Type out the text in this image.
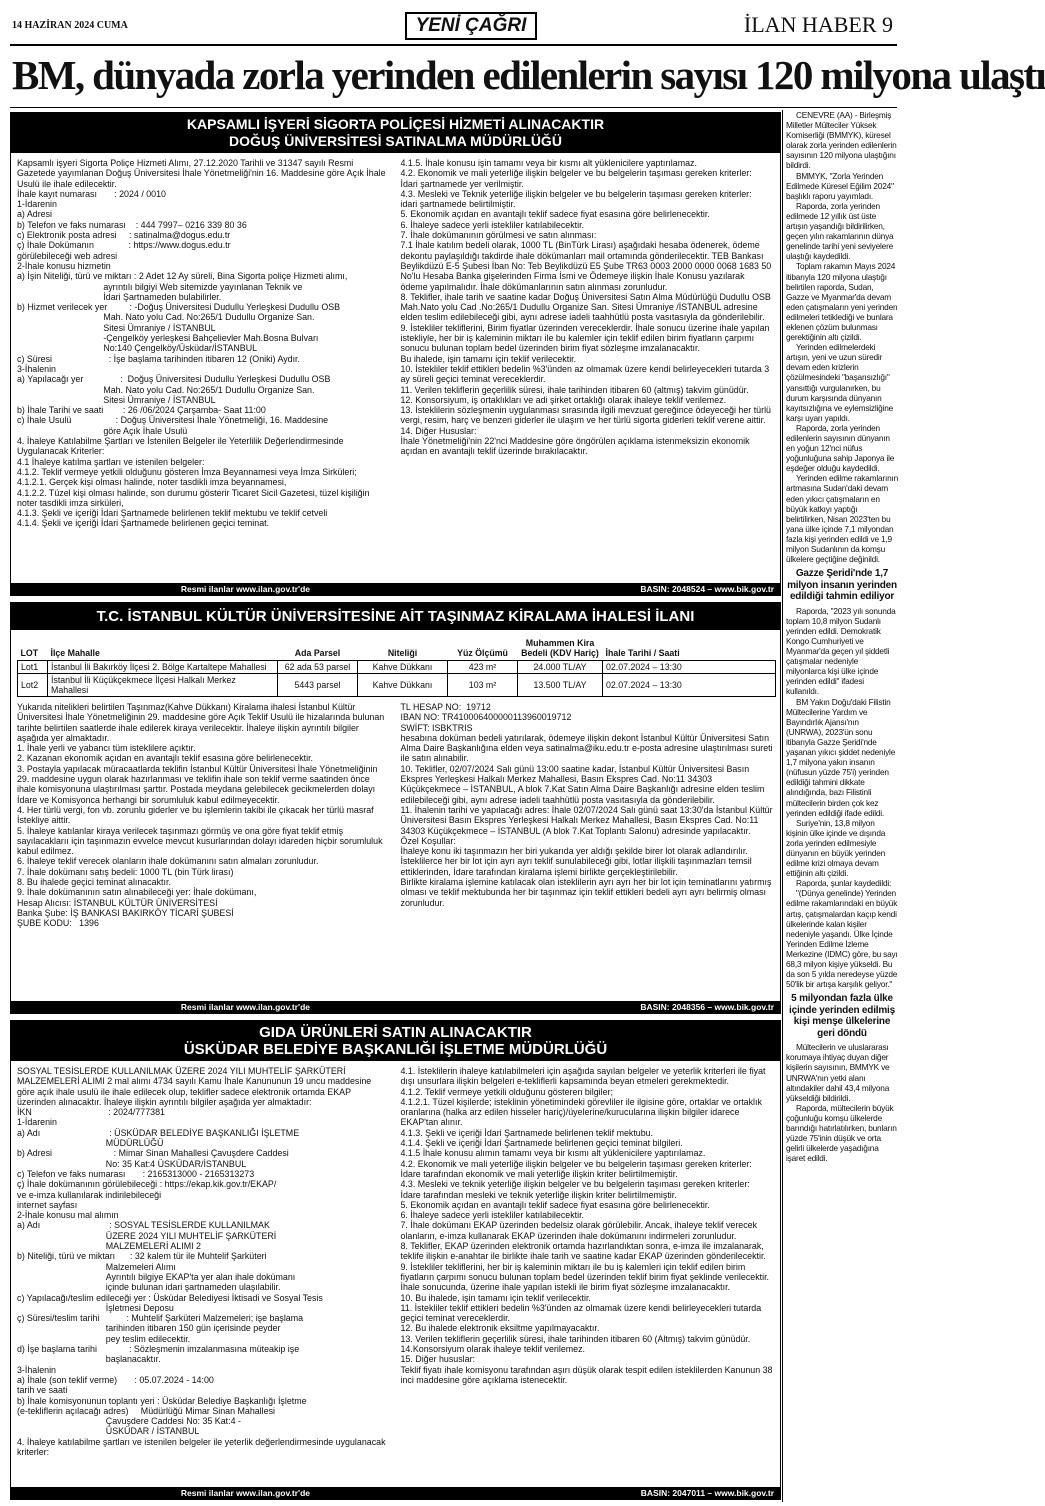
14 HAZİRAN 2024 CUMA	YENİ ÇAĞRI	İLAN HABER 9
BM, dünyada zorla yerinden edilenlerin sayısı 120 milyona ulaştı
KAPSAMLI İŞYERİ SİGORTA POLİÇESİ HİZMETİ ALINACAKTIR
DOĞUŞ ÜNİVERSİTESİ SATINALMA MÜDÜRLÜĞÜ
Kapsamlı işyeri Sigorta Poliçe Hizmeti Alımı, 27.12.2020 Tarihli ve 31347 sayılı Resmi Gazetede yayımlanan Doğuş Üniversitesi İhale Yönetmeliği'nin 16. Maddesine göre Açık İhale Usulü ile ihale edilecektir.
İhale kayıt numarası       : 2024 / 0010
1-İdarenin
a) Adresi
b) Telefon ve faks numarası    : 444 7997– 0216 339 80 36
c) Elektronik posta adresi     : satinalma@dogus.edu.tr
ç) İhale Dokümanın              : https://www.dogus.edu.tr
görülebileceği web adresi
2-İhale konusu hizmetin
a) İşin Niteliği, türü ve miktarı : 2 Adet 12 Ay süreli, Bina Sigorta poliçe Hizmeti alımı,
ayrıntılı bilgiyi Web sitemizde yayınlanan Teknik ve
İdari Şartnameden bulabilirler.
b) Hizmet verilecek yer         : -Doğuş Üniversitesi Dudullu Yerleşkesi Dudullu OSB
Mah. Nato yolu Cad. No:265/1 Dudullu Organize San.
Sitesi Ümraniye / İSTANBUL
-Çengelköy yerleşkesi Bahçelievler Mah.Bosna Bulvarı
No:140 Çengelköy/Üsküdar/İSTANBUL
c) Süresi                       : İşe başlama tarihinden itibaren 12 (Oniki) Aydır.
3-İhalenin
a) Yapılacağı yer               :  Doğuş Üniversitesi Dudullu Yerleşkesi Dudullu OSB
Mah. Nato yolu Cad. No:265/1 Dudullu Organize San.
Sitesi Ümraniye / İSTANBUL
b) İhale Tarihi ve saati        : 26 /06/2024 Çarşamba- Saat 11:00
c) İhale Usulü                  : Doğuş Üniversitesi İhale Yönetmeliği, 16. Maddesine
göre Açık İhale Usulü
4. İhaleye Katılabilme Şartları ve İstenilen Belgeler ile Yeterlilik Değerlendirmesinde Uygulanacak Kriterler:
4.1 İhaleye katılma şartları ve istenilen belgeler:
4.1.2. Teklif vermeye yetkili olduğunu gösteren İmza Beyannamesi veya İmza Sirküleri;
4.1.2.1. Gerçek kişi olması halinde, noter tasdikli imza beyannamesi,
4.1.2.2. Tüzel kişi olması halinde, son durumu gösterir Ticaret Sicil Gazetesi, tüzel kişiliğin noter tasdikli imza sirküleri,
4.1.3. Şekli ve içeriği İdari Şartnamede belirlenen teklif mektubu ve teklif cetveli
4.1.4. Şekli ve içeriği İdari Şartnamede belirlenen geçici teminat.
4.1.5. İhale konusu işin tamamı veya bir kısmı alt yüklenicilere yaptırılamaz.
4.2. Ekonomik ve mali yeterliğe ilişkin belgeler ve bu belgelerin taşıması gereken kriterler:
İdari şartnamede yer verilmiştir.
4.3. Mesleki ve Teknik yeterliğe ilişkin belgeler ve bu belgelerin taşıması gereken kriterler:
idari şartnamede belirtilmiştir.
5. Ekonomik açıdan en avantajlı teklif sadece fiyat esasına göre belirlenecektir.
6. İhaleye sadece yerli istekliler katılabilecektir.
7. İhale dokümanının görülmesi ve satın alınması:
7.1 İhale katılım bedeli olarak, 1000 TL (BinTürk Lirası) aşağıdaki hesaba ödenerek, ödeme dekontu paylaşıldığı takdirde ihale dökümanları mail ortamında gönderilecektir. TEB Bankası Beylikdüzü E-5 Şubesi İban No: Teb Beylikdüzü E5 Şube TR63 0003 2000 0000 0068 1683 50 No'lu Hesaba Banka gişelerinden Firma İsmi ve Ödemeye ilişkin İhale Konusu yazılarak ödeme yapılmalıdır. İhale dökümanlarının satın alınması zorunludur.
8. Teklifler, ihale tarih ve saatine kadar Doğuş Üniversitesi Satın Alma Müdürlüğü Dudullu OSB Mah.Nato yolu Cad .No:265/1 Dudullu Organize San. Sitesi Ümraniye /İSTANBUL adresine elden teslim edilebileceği gibi, aynı adrese iadeli taahhütlü posta vasıtasıyla da gönderilebilir.
9. İstekliler tekliflerini, Birim fiyatlar üzerinden vereceklerdir. İhale sonucu üzerine ihale yapılan istekliyle, her bir iş kaleminin miktarı ile bu kalemler için teklif edilen birim fiyatların çarpımı sonucu bulunan toplam bedel üzerinden birim fiyat sözleşme imzalanacaktır.
Bu ihalede, işin tamamı için teklif verilecektir.
10. İstekliler teklif ettikleri bedelin %3'ünden az olmamak üzere kendi belirleyecekleri tutarda 3 ay süreli geçici teminat vereceklerdir.
11. Verilen tekliflerin geçerlilik süresi, ihale tarihinden itibaren 60 (altmış) takvim günüdür.
12. Konsorsiyum, iş ortaklıkları ve adi şirket ortaklığı olarak ihaleye teklif verilemez.
13. İsteklilerin sözleşmenin uygulanması sırasında ilgili mevzuat gereğince ödeyeceği her türlü vergi, resim, harç ve benzeri giderler ile ulaşım ve her türlü sigorta giderleri teklif verene aittir.
14. Diğer Hususlar:
İhale Yönetmeliği'nin 22'nci Maddesine göre öngörülen açıklama istenmeksizin ekonomik açıdan en avantajlı teklif üzerinde bırakılacaktır.
Resmi ilanlar www.ilan.gov.tr'de	BASIN: 2048524 – www.bik.gov.tr
T.C. İSTANBUL KÜLTÜR ÜNİVERSİTESİNE AİT TAŞINMAZ KİRALAMA İHALESİ İLANI
LOT	İlçe Mahalle	Ada Parsel	Niteliği	Yüz Ölçümü	Muhammen Kira Bedeli (KDV Hariç)	İhale Tarihi / Saati
Lot1	İstanbul İli Bakırköy İlçesi 2. Bölge Kartaltepe Mahallesi	62 ada 53 parsel	Kahve Dükkanı	423 m²	24.000 TL/AY	02.07.2024 – 13:30
Lot2	İstanbul İli Küçükçekmece İlçesi Halkalı Merkez Mahallesi	5443 parsel	Kahve Dükkanı	103 m²	13.500 TL/AY	02.07.2024 – 13:30
Yukarıda nitelikleri belirtilen Taşınmaz(Kahve Dükkanı) Kiralama ihalesi İstanbul Kültür Üniversitesi İhale Yönetmeliğinin 29. maddesine göre Açık Teklif Usulü ile hizalarında bulunan tarihte belirtilen saatlerde ihale edilerek kiraya verilecektir. İhaleye ilişkin ayrıntılı bilgiler aşağıda yer almaktadır.
1. İhale yerli ve yabancı tüm isteklilere açıktır.
2. Kazanan ekonomik açıdan en avantajlı teklif esasına göre belirlenecektir.
3. Postayla yapılacak müracaatlarda teklifin İstanbul Kültür Üniversitesi İhale Yönetmeliğinin 29. maddesine uygun olarak hazırlanması ve teklifin ihale son teklif verme saatinden önce ihale komisyonuna ulaştırılması şarttır. Postada meydana gelebilecek gecikmelerden dolayı İdare ve Komisyonca herhangi bir sorumluluk kabul edilmeyecektir.
4. Her türlü vergi, fon vb. zorunlu giderler ve bu işlemlerin takibi ile çıkacak her türlü masraf İstekliye aittir.
5. İhaleye katılanlar kiraya verilecek taşınmazı görmüş ve ona göre fiyat teklif etmiş sayılacaklarıı için taşınmazın evvelce mevcut kusurlarından dolayı idareden hiçbir sorumluluk kabul edilmez.
6. İhaleye teklif verecek olanların ihale dokümanını satın almaları zorunludur.
7. İhale dokümanı satış bedeli: 1000 TL (bin Türk lirası)
8. Bu ihalede geçici teminat alınacaktır.
9. İhale dokümanının satın alınabileceği yer: İhale dokümanı,
Hesap Alıcısı: İSTANBUL KÜLTÜR ÜNİVERSİTESİ
Banka Şube: İŞ BANKASI BAKIRKÖY TİCARİ ŞUBESİ
ŞUBE KODU:   1396
TL HESAP NO:  19712
IBAN NO: TR410006400000113960019712
SWİFT: ISBKTRIS
hesabına doküman bedeli yatırılarak, ödemeye ilişkin dekont İstanbul Kültür Üniversitesi Satın Alma Daire Başkanlığına elden veya satinalma@iku.edu.tr e-posta adresine ulaştırılması sureti ile satın alınabilir.
10. Teklifler, 02/07/2024 Salı günü 13:00 saatine kadar, İstanbul Kültür Üniversitesi Basın Ekspres Yerleşkesi Halkalı Merkez Mahallesi, Basın Ekspres Cad. No:11 34303 Küçükçekmece – İSTANBUL, A blok 7.Kat Satın Alma Daire Başkanlığı adresine elden teslim edilebileceği gibi, aynı adrese iadeli taahhütlü posta vasıtasıyla da gönderilebilir.
11. İhalenin tarihi ve yapılacağı adres: İhale 02/07/2024 Salı günü saat 13:30'da İstanbul Kültür Üniversitesi Basın Ekspres Yerleşkesi Halkalı Merkez Mahallesi, Basın Ekspres Cad. No:11 34303 Küçükçekmece – İSTANBUL (A blok 7.Kat Toplantı Salonu) adresinde yapılacaktır.
Özel Koşullar:
İhaleye konu iki taşınmazın her biri yukarıda yer aldığı şekilde birer lot olarak adlandırılır. İsteklilerce her bir lot için ayrı ayrı teklif sunulabileceği gibi, lotlar ilişkili taşınmazları temsil ettiklerinden, İdare tarafından kiralama işlemi birlikte gerçekleştirilebilir.
Birlikte kiralama işlemine katılacak olan isteklilerin ayrı ayrı her bir lot için teminatlarını yatırmış olması ve teklif mektubunda her bir taşınmaz için teklif ettikleri bedeli ayrı ayrı belirmiş olması zorunludur.
Resmi ilanlar www.ilan.gov.tr'de	BASIN: 2048356 – www.bik.gov.tr
GIDA ÜRÜNLERİ SATIN ALINACAKTIR
ÜSKÜDAR BELEDİYE BAŞKANLIĞI İŞLETME MÜDÜRLÜĞÜ
SOSYAL TESİSLERDE KULLANILMAK ÜZERE 2024 YILI MUHTELİF ŞARKÜTERİ MALZEMELERİ ALIMI 2 mal alımı 4734 sayılı Kamu İhale Kanununun 19 uncu maddesine göre açık ihale usulü ile ihale edilecek olup, teklifler sadece elektronik ortamda EKAP üzerinden alınacaktır. İhaleye ilişkin ayrıntılı bilgiler aşağıda yer almaktadır:
İKN                               : 2024/777381
1-İdarenin
a) Adı                            : ÜSKÜDAR BELEDİYE BAŞKANLIĞI İŞLETME
MÜDÜRLÜĞÜ
b) Adresi                         : Mimar Sinan Mahallesi Çavuşdere Caddesi
No: 35 Kat:4 ÜSKÜDAR/İSTANBUL
c) Telefon ve faks numarası       : 2165313000 - 2165313273
ç) İhale dokümanının görülebileceği : https://ekap.kik.gov.tr/EKAP/
ve e-imza kullanılarak indirilebileceği
internet sayfası
2-İhale konusu mal alımın
a) Adı                            : SOSYAL TESİSLERDE KULLANILMAK
ÜZERE 2024 YILI MUHTELİF ŞARKÜTERİ
MALZEMELERİ ALIMI 2
b) Niteliği, türü ve miktarı      : 32 kalem tür ile Muhtelif Şarküteri
Malzemeleri Alımı
Ayrıntılı bilgiye EKAP'ta yer alan ihale dokümanı
içinde bulunan idari şartnameden ulaşılabilir.
c) Yapılacağı/teslim edileceği yer : Üsküdar Belediyesi İktisadi ve Sosyal Tesis
İşletmesi Deposu
ç) Süresi/teslim tarihi           : Muhtelif Şarküteri Malzemeleri; işe başlama
tarihinden itibaren 150 gün içerisinde peyder
pey teslim edilecektir.
d) İşe başlama tarihi             : Sözleşmenin imzalanmasına müteakip işe
başlanacaktır.
3-İhalenin
a) İhale (son teklif verme)       : 05.07.2024 - 14:00
tarih ve saati
b) İhale komisyonunun toplantı yeri : Üsküdar Belediye Başkanlığı İşletme
(e-tekliflerin açılacağı adres)     Müdürlüğü Mimar Sinan Mahallesi
Çavuşdere Caddesi No: 35 Kat:4 -
ÜSKÜDAR / İSTANBUL
4. İhaleye katılabilme şartları ve istenilen belgeler ile yeterlik değerlendirmesinde uygulanacak kriterler:
4.1. İsteklilerin ihaleye katılabilmeleri için aşağıda sayılan belgeler ve yeterlik kriterleri ile fiyat dışı unsurlara ilişkin belgeleri e-tekliflerli kapsamında beyan etmeleri gerekmektedir.
4.1.2. Teklif vermeye yetkili olduğunu gösteren bilgiler;
4.1.2.1. Tüzel kişilerde; isteklinin yönetimindeki görevliler ile ilgisine göre, ortaklar ve ortaklık oranlarına (halka arz edilen hisseler hariç)/üyelerine/kurucularına ilişkin bilgiler idarece EKAP'tan alınır.
4.1.3. Şekli ve içeriği İdari Şartnamede belirlenen teklif mektubu.
4.1.4. Şekli ve içeriği İdari Şartnamede belirlenen geçici teminat bilgileri.
4.1.5 İhale konusu alımın tamamı veya bir kısmı alt yüklenicilere yaptırılamaz.
4.2. Ekonomik ve mali yeterliğe ilişkin belgeler ve bu belgelerin taşıması gereken kriterler:
İdare tarafından ekonomik ve mali yeterliğe ilişkin kriter belirtilmemiştir.
4.3. Mesleki ve teknik yeterliğe ilişkin belgeler ve bu belgelerin taşıması gereken kriterler:
İdare tarafından mesleki ve teknik yeterliğe ilişkin kriter belirtilmemiştir.
5. Ekonomik açıdan en avantajlı teklif sadece fiyat esasına göre belirlenecektir.
6. İhaleye sadece yerli istekliler katılabilecektir.
7. İhale dokümanı EKAP üzerinden bedelsiz olarak görülebilir. Ancak, ihaleye teklif verecek olanların, e-imza kullanarak EKAP üzerinden ihale dokümanını indirmeleri zorunludur.
8. Teklifler, EKAP üzerinden elektronik ortamda hazırlandıktan sonra, e-imza ile imzalanarak, teklife ilişkin e-anahtar ile birlikte ihale tarih ve saatine kadar EKAP üzerinden gönderilecektir.
9. İstekliler tekliflerini, her bir iş kaleminin miktarı ile bu iş kalemleri için teklif edilen birim fiyatların çarpımı sonucu bulunan toplam bedel üzerinden teklif birim fiyat şeklinde verilecektir. İhale sonucunda, üzerine ihale yapılan istekli ile birim fiyat sözleşme imzalanacaktır.
10. Bu ihalede, işin tamamı için teklif verilecektir.
11. İstekliler teklif ettikleri bedelin %3'ünden az olmamak üzere kendi belirleyecekleri tutarda geçici teminat vereceklerdir.
12. Bu ihalede elektronik eksiltme yapılmayacaktır.
13. Verilen tekliflerin geçerlilik süresi, ihale tarihinden itibaren 60 (Altmış) takvim günüdür.
14.Konsorsiyum olarak ihaleye teklif verilemez.
15. Diğer hususlar:
Teklif fiyatı ihale komisyonu tarafından aşırı düşük olarak tespit edilen isteklilerden Kanunun 38 inci maddesine göre açıklama istenecektir.
Resmi ilanlar www.ilan.gov.tr'de	BASIN: 2047011 – www.bik.gov.tr

CENEVRE (AA) - Birleşmiş Milletler Mülteciler Yüksek Komiserliği (BMMYK), küresel olarak zorla yerinden edilenlerin sayısının 120 milyona ulaştığını bildirdi.

BMMYK, "Zorla Yerinden Edilmede Küresel Eğilim 2024" başlıklı raporu yayımladı.

Raporda, zorla yerinden edilmede 12 yıllık üst üste artışın yaşandığı bildirilirken, geçen yılın rakamlarının dünya genelinde tarihi yeni seviyelere ulaştığı kaydedildi.

Toplam rakamın Mayıs 2024 itibarıyla 120 milyona ulaştığı belirtilen raporda, Sudan, Gazze ve Myanmar'da devam eden çatışmaların yeni yerinden edilmeleri tetiklediği ve bunlara eklenen çözüm bulunması gerektiğinin altı çizildi.

Yerinden edilmelerdeki artışın, yeni ve uzun süredir devam eden krizlerin çözülmesindeki "başarısızlığı" yansıttığı vurgulanırken, bu durum karşısında dünyanın kayıtsızlığına ve eylemsizliğine karşı uyarı yapıldı.

Raporda, zorla yerinden edilenlerin sayısının dünyanın en yoğun 12'nci nüfus yoğunluğuna sahip Japonya ile eşdeğer olduğu kaydedildi.

Yerinden edilme rakamlarının artmasına Sudan'daki devam eden yıkıcı çatışmaların en büyük katkıyı yaptığı belirtilirken, Nisan 2023'ten bu yana ülke içinde 7,1 milyondan fazla kişi yerinden edildi ve 1,9 milyon Sudanlının da komşu ülkelere geçtiğine değinildi.

Gazze Şeridi'nde 1,7 milyon insanın yerinden edildiği tahmin ediliyor

Raporda, "2023 yılı sonunda toplam 10,8 milyon Sudanlı yerinden edildi. Demokratik Kongo Cumhuriyeti ve Myanmar'da geçen yıl şiddetli çatışmalar nedeniyle milyonlarca kişi ülke içinde yerinden edildi" ifadesi kullanıldı.

BM Yakın Doğu'daki Filistin Mültecilerine Yardım ve Bayındırlık Ajansı'nın (UNRWA), 2023'ün sonu itibarıyla Gazze Şeridi'nde yaşanan yıkıcı şiddet nedeniyle 1,7 milyona yakın insanın (nüfusun yüzde 75'i) yerinden edildiği tahmini dikkate alındığında, bazı Filistinli mültecilerin birden çok kez yerinden edildiği ifade edildi.

Suriye'nin, 13,8 milyon kişinin ülke içinde ve dışında zorla yerinden edilmesiyle dünyanın en büyük yerinden edilme krizi olmaya devam ettiğinin altı çizildi.

Raporda, şunlar kaydedildi:

"(Dünya genelinde) Yerinden edilme rakamlarındaki en büyük artış, çatışmalardan kaçıp kendi ülkelerinde kalan kişiler nedeniyle yaşandı. Ülke İçinde Yerinden Edilme İzleme Merkezine (IDMC) göre, bu sayı 68,3 milyon kişiye yükseldi. Bu da son 5 yılda neredeyse yüzde 50'lik bir artışa karşılık geliyor."

5 milyondan fazla ülke içinde yerinden edilmiş kişi menşe ülkelerine geri döndü

Mültecilerin ve uluslararası korumaya ihtiyaç duyan diğer kişilerin sayısının, BMMYK ve UNRWA'nın yetki alanı altındakiler dahil 43,4 milyona yükseldiği bildirildi.

Raporda, mültecilerin büyük çoğunluğu komşu ülkelerde barındığı hatırlatılırken, bunların yüzde 75'inin düşük ve orta gelirli ülkelerde yaşadığına işaret edildi.
